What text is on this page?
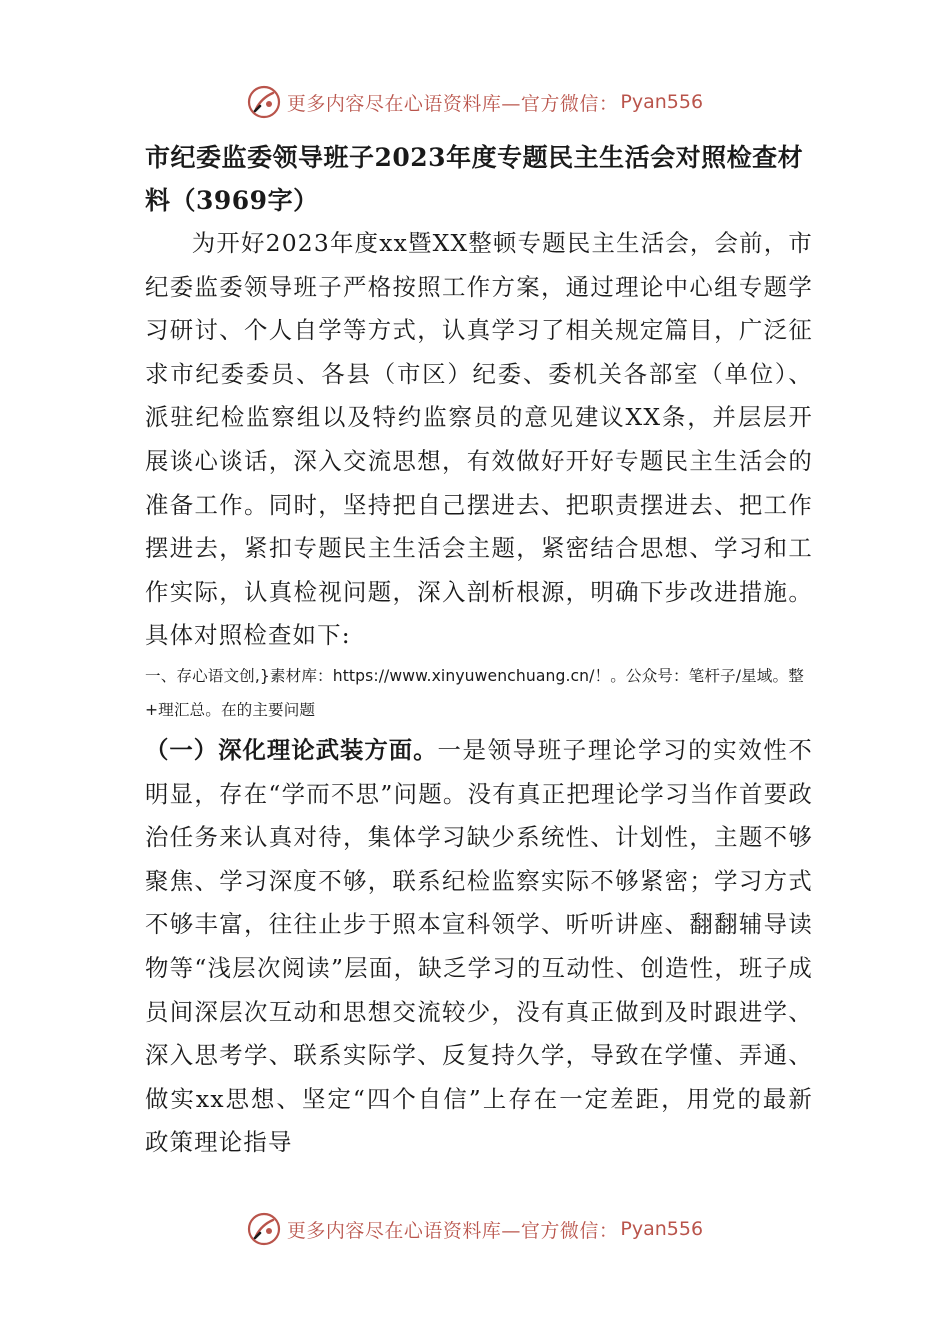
更多内容尽在心语资料库—官方微信： Pyan556
市纪委监委领导班子2023年度专题民主生活会对照检查材料（3969字）

为开好2023年度xx暨XX整顿专题民主生活会，会前，市纪委监委领导班子严格按照工作方案，通过理论中心组专题学习研讨、个人自学等方式，认真学习了相关规定篇目，广泛征求市纪委委员、各县（市区）纪委、委机关各部室（单位）、派驻纪检监察组以及特约监察员的意见建议XX条，并层层开展谈心谈话，深入交流思想，有效做好开好专题民主生活会的准备工作。同时，坚持把自己摆进去、把职责摆进去、把工作摆进去，紧扣专题民主生活会主题，紧密结合思想、学习和工作实际，认真检视问题，深入剖析根源，明确下步改进措施。具体对照检查如下:

一、存心语文创,}素材库：https://www.xinyuwenchuang.cn/！。公众号：笔杆子/星域。整+理汇总。在的主要问题

（一）深化理论武装方面。一是领导班子理论学习的实效性不明显，存在“学而不思”问题。没有真正把理论学习当作首要政治任务来认真对待，集体学习缺少系统性、计划性，主题不够聚焦、学习深度不够，联系纪检监察实际不够紧密；学习方式不够丰富，往往止步于照本宣科领学、听听讲座、翻翻辅导读物等“浅层次阅读”层面，缺乏学习的互动性、创造性，班子成员间深层次互动和思想交流较少，没有真正做到及时跟进学、深入思考学、联系实际学、反复持久学，导致在学懂、弄通、做实xx思想、坚定“四个自信”上存在一定差距，用党的最新政策理论指导

更多内容尽在心语资料库—官方微信： Pyan556
